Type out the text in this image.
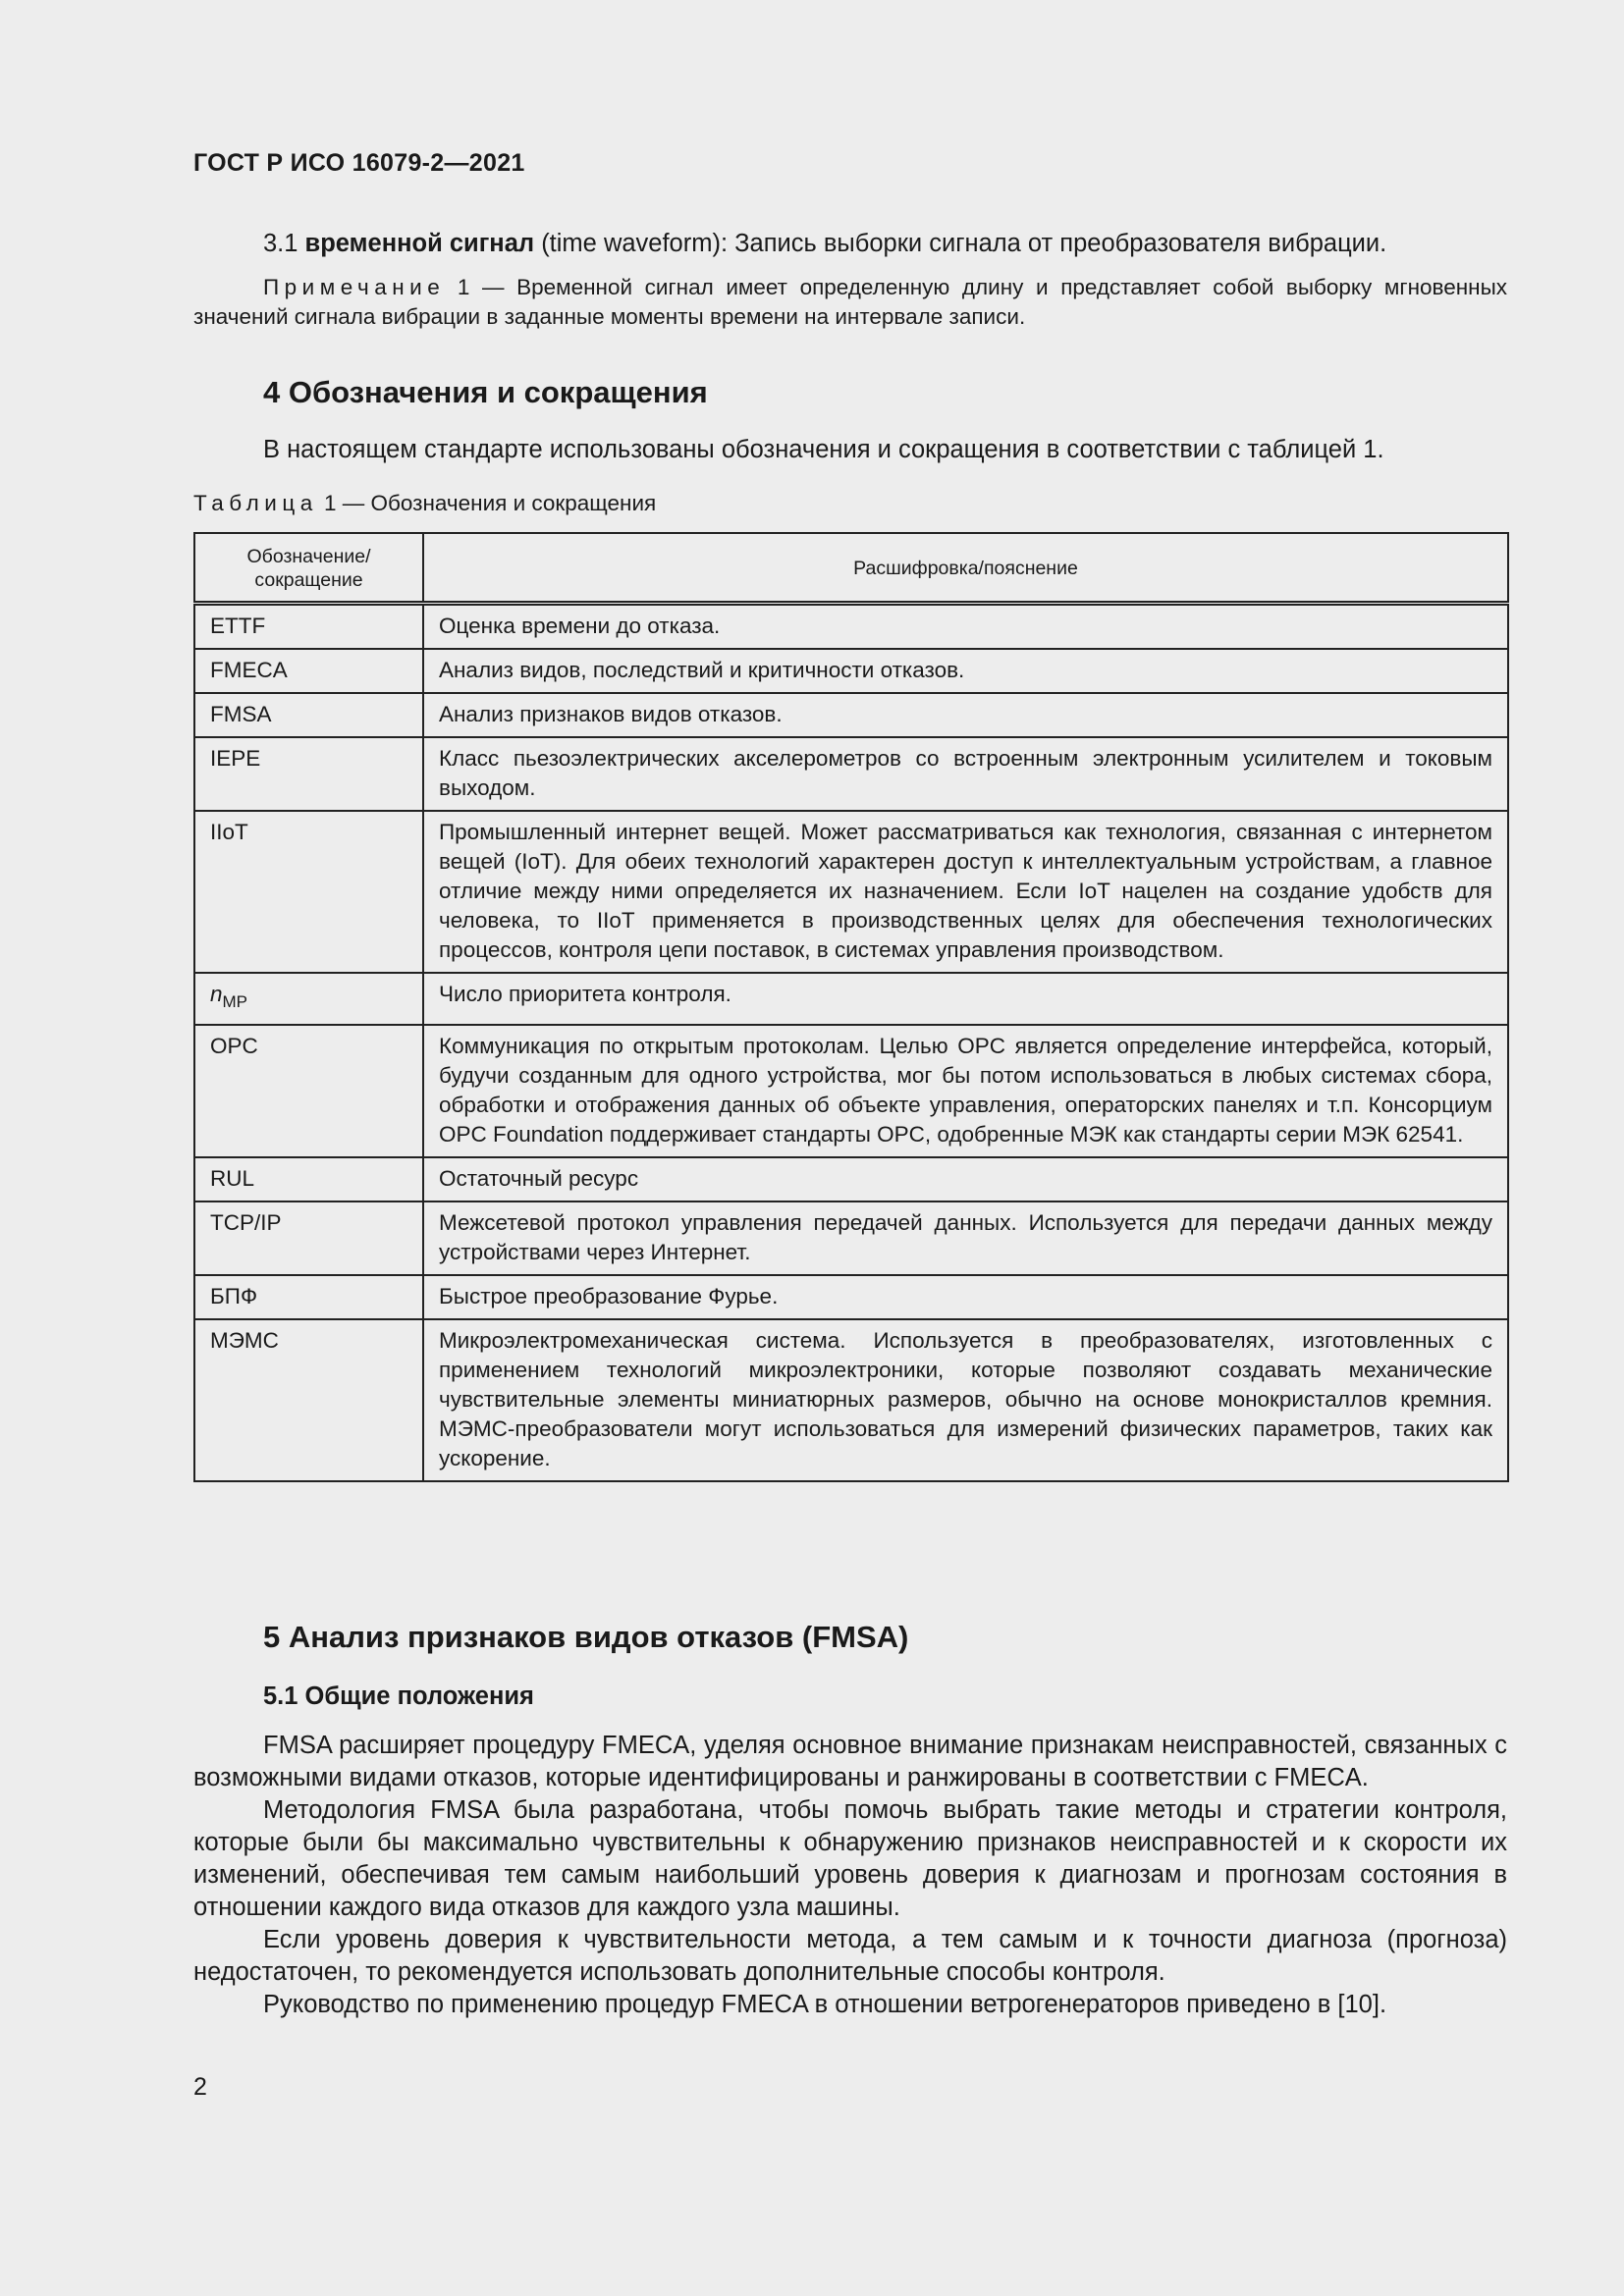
ГОСТ Р ИСО 16079-2—2021

3.1 временной сигнал (time waveform): Запись выборки сигнала от преобразователя вибрации.

Примечание 1 — Временной сигнал имеет определенную длину и представляет собой выборку мгновенных значений сигнала вибрации в заданные моменты времени на интервале записи.

4 Обозначения и сокращения

В настоящем стандарте использованы обозначения и сокращения в соответствии с таблицей 1.

Таблица 1 — Обозначения и сокращения

Обозначение/ сокращение	Расшифровка/пояснение
ETTF	Оценка времени до отказа.
FMECA	Анализ видов, последствий и критичности отказов.
FMSA	Анализ признаков видов отказов.
IEPE	Класс пьезоэлектрических акселерометров со встроенным электронным усилителем и токовым выходом.
IIoT	Промышленный интернет вещей. Может рассматриваться как технология, связанная с интернетом вещей (IoT). Для обеих технологий характерен доступ к интеллектуальным устройствам, а главное отличие между ними определяется их назначением. Если IoT нацелен на создание удобств для человека, то IIoT применяется в производственных целях для обеспечения технологических процессов, контроля цепи поставок, в системах управления производством.
$n_{MP}$	Число приоритета контроля.
OPC	Коммуникация по открытым протоколам. Целью OPC является определение интерфейса, который, будучи созданным для одного устройства, мог бы потом использоваться в любых системах сбора, обработки и отображения данных об объекте управления, операторских панелях и т.п. Консорциум OPC Foundation поддерживает стандарты OPC, одобренные МЭК как стандарты серии МЭК 62541.
RUL	Остаточный ресурс
TCP/IP	Межсетевой протокол управления передачей данных. Используется для передачи данных между устройствами через Интернет.
БПФ	Быстрое преобразование Фурье.
МЭМС	Микроэлектромеханическая система. Используется в преобразователях, изготовленных с применением технологий микроэлектроники, которые позволяют создавать механические чувствительные элементы миниатюрных размеров, обычно на основе монокристаллов кремния. МЭМС-преобразователи могут использоваться для измерений физических параметров, таких как ускорение.
5 Анализ признаков видов отказов (FMSA)
5.1 Общие положения

FMSA расширяет процедуру FMECA, уделяя основное внимание признакам неисправностей, связанных с возможными видами отказов, которые идентифицированы и ранжированы в соответствии с FMECA.

Методология FMSA была разработана, чтобы помочь выбрать такие методы и стратегии контроля, которые были бы максимально чувствительны к обнаружению признаков неисправностей и к скорости их изменений, обеспечивая тем самым наибольший уровень доверия к диагнозам и прогнозам состояния в отношении каждого вида отказов для каждого узла машины.

Если уровень доверия к чувствительности метода, а тем самым и к точности диагноза (прогноза) недостаточен, то рекомендуется использовать дополнительные способы контроля.

Руководство по применению процедур FMECA в отношении ветрогенераторов приведено в [10].

2
